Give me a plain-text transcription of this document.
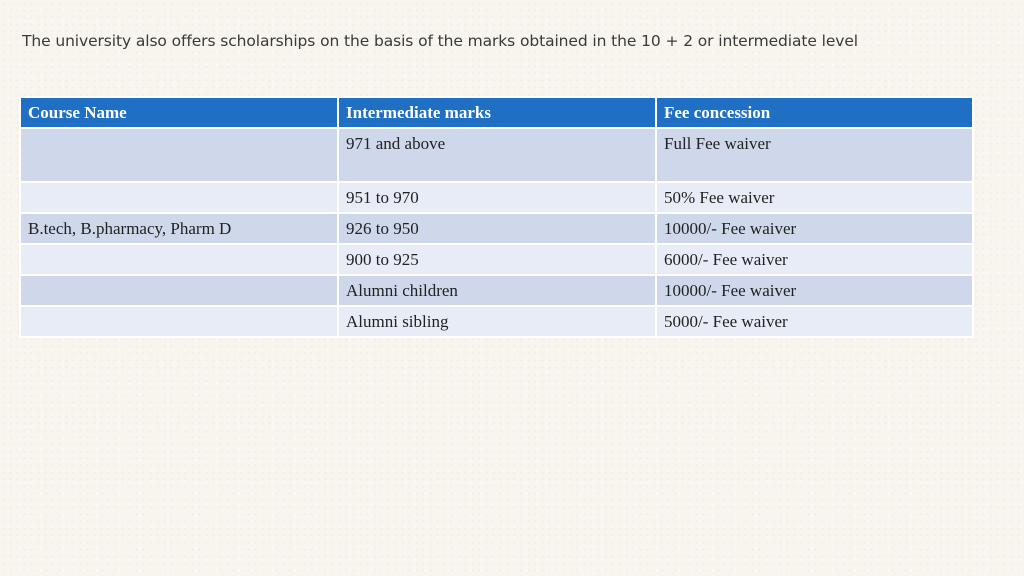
The university also offers scholarships on the basis of the marks obtained in the 10 + 2 or intermediate level

Course Name	Intermediate marks	Fee concession
	971 and above	Full Fee waiver
	951 to 970	50% Fee waiver
B.tech, B.pharmacy, Pharm D	926 to 950	10000/- Fee waiver
	900 to 925	6000/- Fee waiver
	Alumni children	10000/- Fee waiver
	Alumni sibling	5000/- Fee waiver
